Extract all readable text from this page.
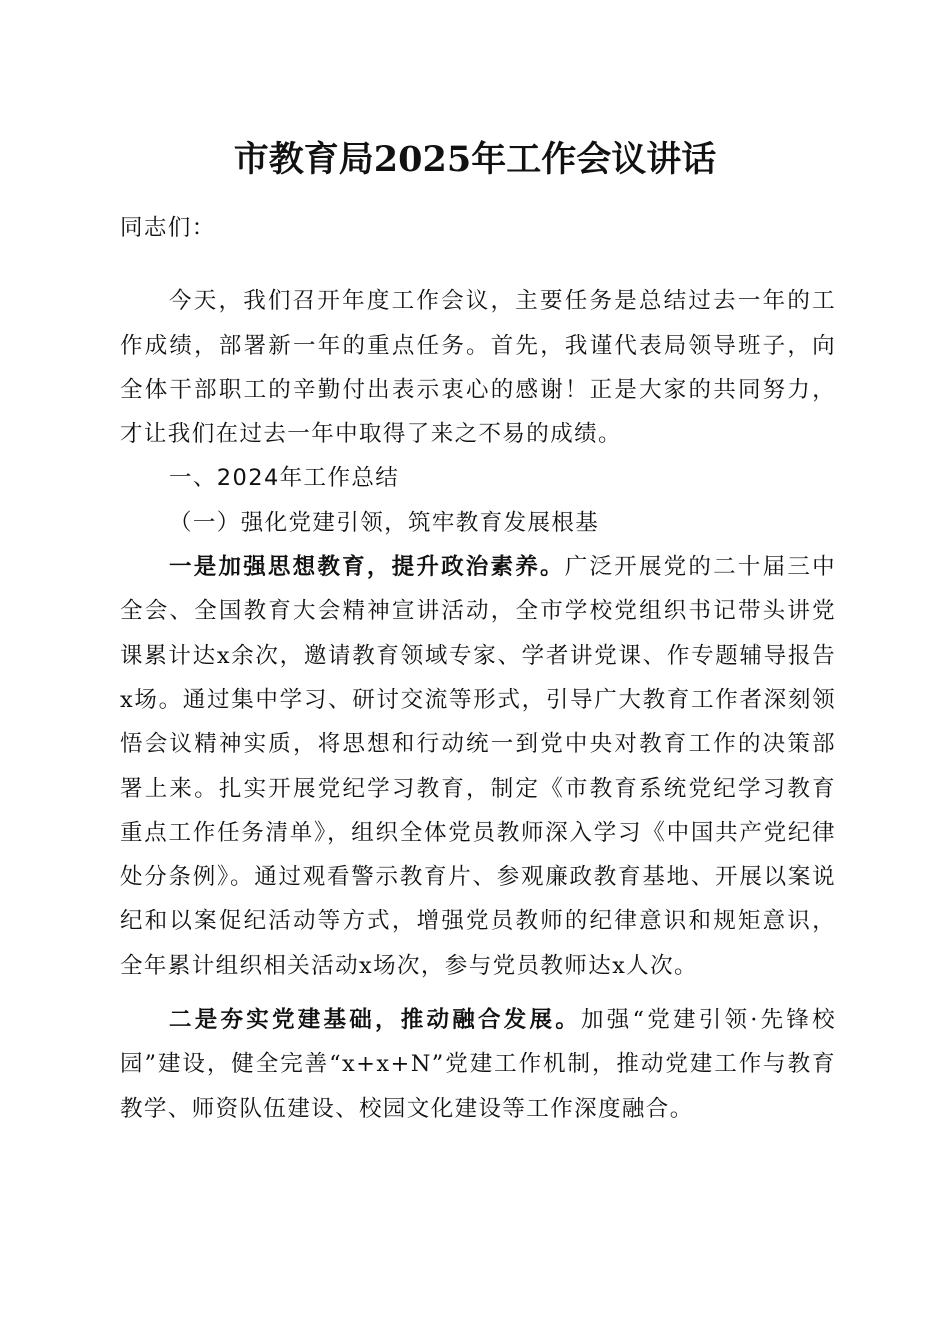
市教育局2025年工作会议讲话

同志们：

今天，我们召开年度工作会议，主要任务是总结过去一年的工作成绩，部署新一年的重点任务。首先，我谨代表局领导班子，向全体干部职工的辛勤付出表示衷心的感谢！正是大家的共同努力，才让我们在过去一年中取得了来之不易的成绩。

一、2024年工作总结

（一）强化党建引领，筑牢教育发展根基

一是加强思想教育，提升政治素养。广泛开展党的二十届三中全会、全国教育大会精神宣讲活动，全市学校党组织书记带头讲党课累计达x余次，邀请教育领域专家、学者讲党课、作专题辅导报告x场。通过集中学习、研讨交流等形式，引导广大教育工作者深刻领悟会议精神实质，将思想和行动统一到党中央对教育工作的决策部署上来。扎实开展党纪学习教育，制定《市教育系统党纪学习教育重点工作任务清单》，组织全体党员教师深入学习《中国共产党纪律处分条例》。通过观看警示教育片、参观廉政教育基地、开展以案说纪和以案促纪活动等方式，增强党员教师的纪律意识和规矩意识，全年累计组织相关活动x场次，参与党员教师达x人次。

二是夯实党建基础，推动融合发展。加强“党建引领·先锋校园”建设，健全完善“x+x+N”党建工作机制，推动党建工作与教育教学、师资队伍建设、校园文化建设等工作深度融合。
